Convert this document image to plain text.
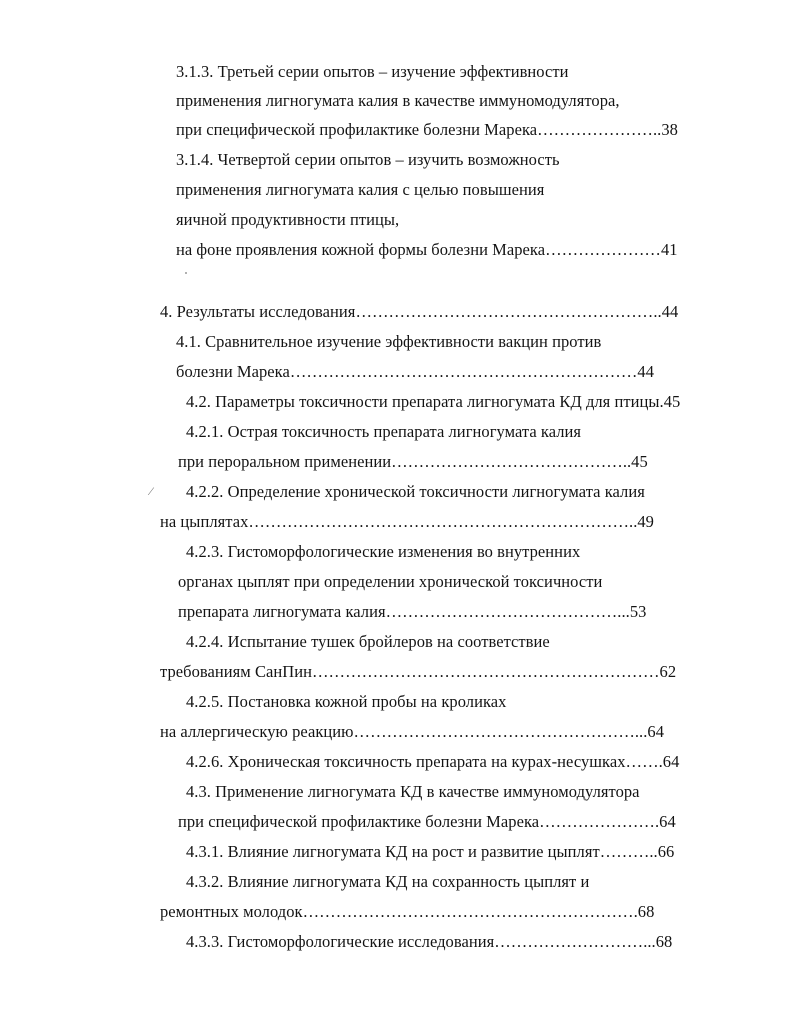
3.1.3. Третьей серии опытов – изучение эффективности
применения лигногумата калия в качестве иммуномодулятора,
при специфической профилактике болезни Марека…………………..38
3.1.4. Четвертой серии опытов – изучить возможность
применения лигногумата калия с целью повышения
яичной продуктивности птицы,
на фоне проявления кожной формы болезни Марека…………………41
4. Результаты исследования………………………………………………..44
4.1. Сравнительное изучение эффективности вакцин против
болезни Марека………………………………………………………44
4.2. Параметры токсичности препарата лигногумата КД для птицы.45
4.2.1. Острая токсичность препарата лигногумата калия
при пероральном применении……………………………………..45
⁄ 4.2.2. Определение хронической токсичности лигногумата калия
на цыплятах……………………………………………………………..49
4.2.3. Гистоморфологические изменения во внутренних
органах цыплят при определении хронической токсичности
препарата лигногумата калия……………………………………...53
4.2.4. Испытание тушек бройлеров на соответствие
требованиям СанПин………………………………………………………62
4.2.5. Постановка кожной пробы на кроликах
на аллергическую реакцию……………………………………………...64
4.2.6. Хроническая токсичность препарата на курах-несушках…….64
4.3. Применение лигногумата КД в качестве иммуномодулятора
при специфической профилактике болезни Марека………………….64
4.3.1. Влияние лигногумата КД на рост и развитие цыплят………..66
4.3.2. Влияние лигногумата КД на сохранность цыплят и
ремонтных молодок…………………………………………………….68
4.3.3. Гистоморфологические исследования………………………...68
